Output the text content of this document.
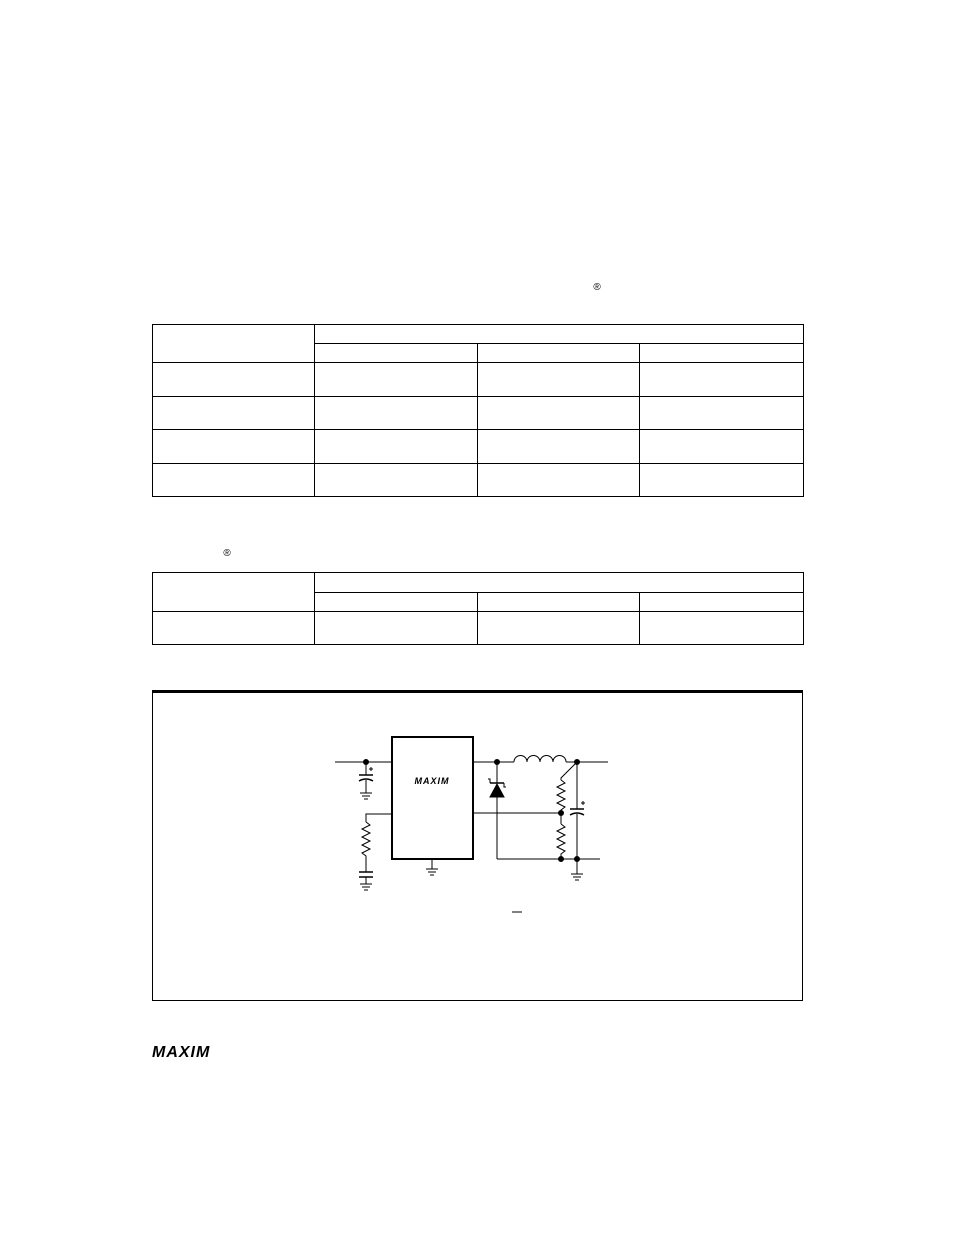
®
®

MAXIM
MAXIM
